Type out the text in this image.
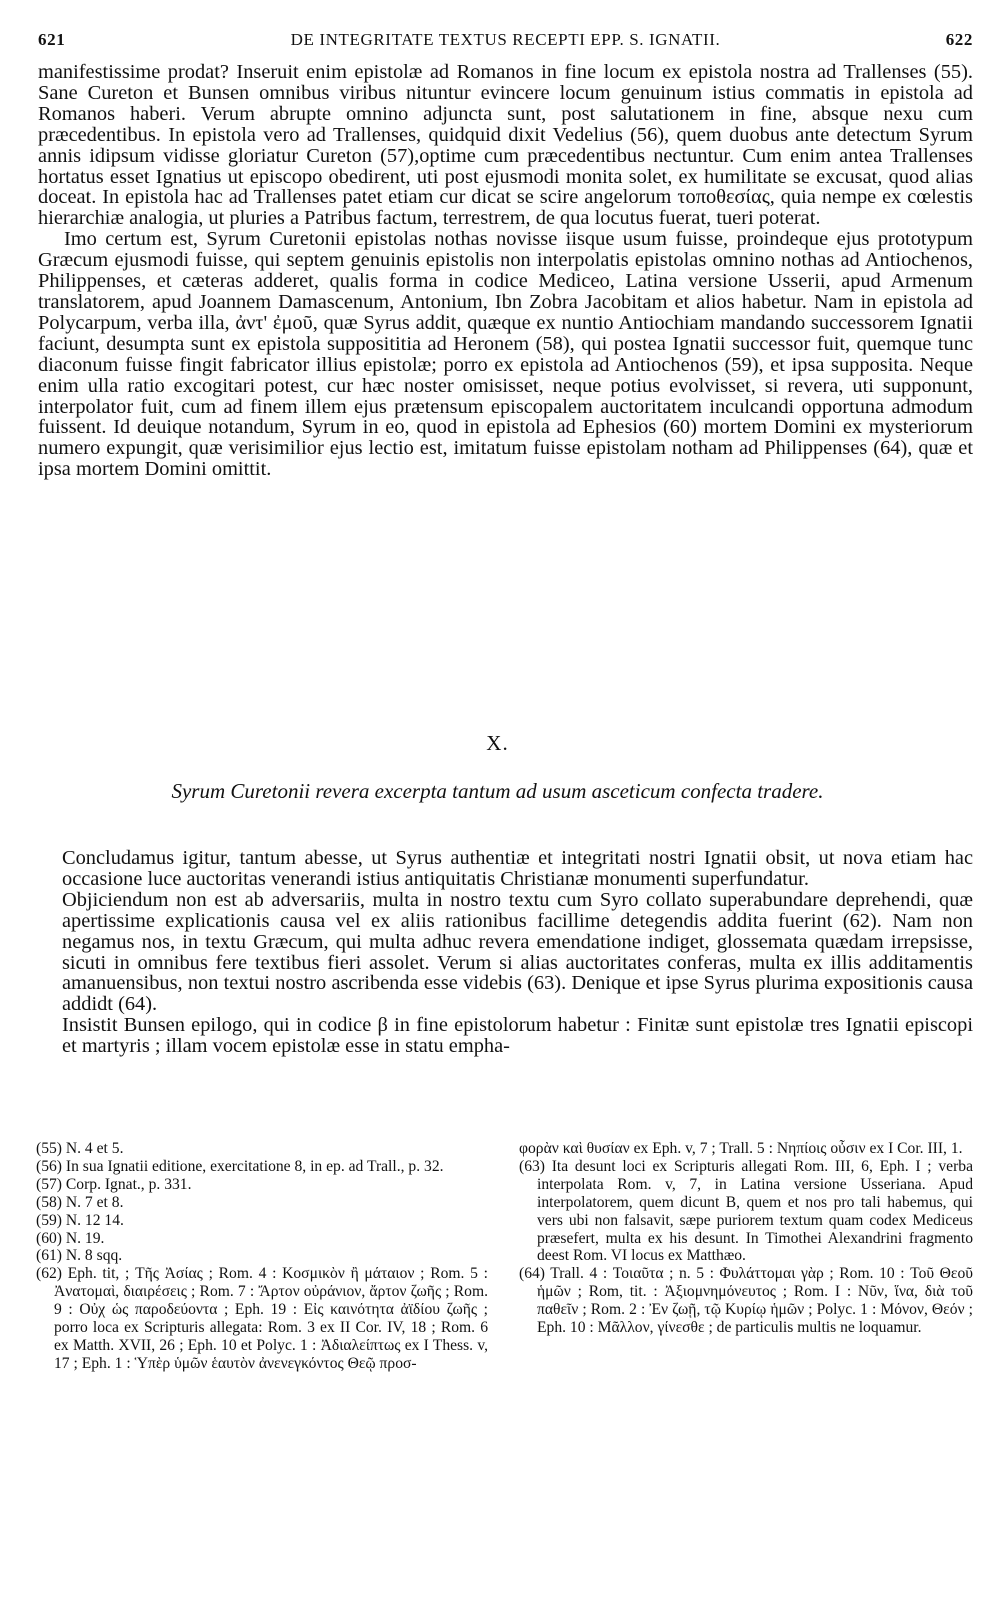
621	DE INTEGRITATE TEXTUS RECEPTI EPP. S. IGNATII.	622

manifestissime prodat? Inseruit enim epistolæ ad Romanos in fine locum ex epistola nostra ad Trallenses (55). Sane Cureton et Bunsen omnibus viribus nituntur evincere locum genuinum istius commatis in epistola ad Romanos haberi. Verum abrupte omnino adjuncta sunt, post salutationem in fine, absque nexu cum præcedentibus. In epistola vero ad Trallenses, quidquid dixit Vedelius (56), quem duobus ante detectum Syrum annis idipsum vidisse gloriatur Cureton (57),optime cum præcedentibus nectuntur. Cum enim antea Trallenses hortatus esset Ignatius ut episcopo obedirent, uti post ejusmodi monita solet, ex humilitate se excusat, quod alias doceat. In epistola hac ad Trallenses patet etiam cur dicat se scire angelorum τοποθεσίας, quia nempe ex cœlestis hierarchiæ analogia, ut pluries a Patribus factum, terrestrem, de qua locutus fuerat, tueri poterat.

Imo certum est, Syrum Curetonii epistolas nothas novisse iisque usum fuisse, proindeque ejus prototypum Græcum ejusmodi fuisse, qui septem genuinis epistolis non interpolatis epistolas omnino nothas ad Antiochenos, Philippenses, et cæteras adderet, qualis forma in codice Mediceo, Latina versione Usserii, apud Armenum translatorem, apud Joannem Damascenum, Antonium, Ibn Zobra Jacobitam et alios habetur. Nam in epistola ad Polycarpum, verba illa, ἀντ' ἐμοῦ, quæ Syrus addit, quæque ex nuntio Antiochiam mandando successorem Ignatii faciunt, desumpta sunt ex epistola supposititia ad Heronem (58), qui postea Ignatii successor fuit, quemque tunc diaconum fuisse fingit fabricator illius epistolæ; porro ex epistola ad Antiochenos (59), et ipsa supposita. Neque enim ulla ratio excogitari potest, cur hæc noster omisisset, neque potius evolvisset, si revera, uti supponunt, interpolator fuit, cum ad finem illem ejus prætensum episcopalem auctoritatem inculcandi opportuna admodum fuissent. Id deuique notandum, Syrum in eo, quod in epistola ad Ephesios (60) mortem Domini ex mysteriorum numero expungit, quæ verisimilior ejus lectio est, imitatum fuisse epistolam notham ad Philippenses (64), quæ et ipsa mortem Domini omittit.

X.
Syrum Curetonii revera excerpta tantum ad usum asceticum confecta tradere.

Concludamus igitur, tantum abesse, ut Syrus authentiæ et integritati nostri Ignatii obsit, ut nova etiam hac occasione luce auctoritas venerandi istius antiquitatis Christianæ monumenti superfundatur.

Objiciendum non est ab adversariis, multa in nostro textu cum Syro collato superabundare deprehendi, quæ apertissime explicationis causa vel ex aliis rationibus facillime detegendis addita fuerint (62). Nam non negamus nos, in textu Græcum, qui multa adhuc revera emendatione indiget, glossemata quædam irrepsisse, sicuti in omnibus fere textibus fieri assolet. Verum si alias auctoritates conferas, multa ex illis additamentis amanuensibus, non textui nostro ascribenda esse videbis (63). Denique et ipse Syrus plurima expositionis causa addidt (64).

Insistit Bunsen epilogo, qui in codice β in fine epistolorum habetur : Finitæ sunt epistolæ tres Ignatii episcopi et martyris ; illam vocem epistolæ esse in statu empha-

(55) N. 4 et 5.

(56) In sua Ignatii editione, exercitatione 8, in ep. ad Trall., p. 32.

(57) Corp. Ignat., p. 331.

(58) N. 7 et 8.

(59) N. 12 14.

(60) N. 19.

(61) N. 8 sqq.

(62) Eph. tit, ; Τῆς Ἀσίας ; Rom. 4 : Κοσμικὸν ἢ μάταιον ; Rom. 5 : Ἀνατομαὶ, διαιρέσεις ; Rom. 7 : Ἄρτον οὐράνιον, ἄρτον ζωῆς ; Rom. 9 : Οὐχ ὡς παροδεύοντα ; Eph. 19 : Εἰς καινότητα ἀϊδίου ζωῆς ; porro loca ex Scripturis allegata: Rom. 3 ex II Cor. IV, 18 ; Rom. 6 ex Matth. XVII, 26 ; Eph. 10 et Polyc. 1 : Ἀδιαλείπτως ex I Thess. v, 17 ; Eph. 1 : Ὑπὲρ ὑμῶν ἑαυτὸν ἀνενεγκόντος Θεῷ προσ-

φορὰν καὶ θυσίαν ex Eph. v, 7 ; Trall. 5 : Νηπίοις οὖσιν ex I Cor. III, 1.

(63) Ita desunt loci ex Scripturis allegati Rom. III, 6, Eph. I ; verba interpolata Rom. v, 7, in Latina versione Usseriana. Apud interpolatorem, quem dicunt B, quem et nos pro tali habemus, qui vers ubi non falsavit, sæpe puriorem textum quam codex Mediceus præsefert, multa ex his desunt. In Timothei Alexandrini fragmento deest Rom. VI locus ex Matthæo.

(64) Trall. 4 : Τοιαῦτα ; n. 5 : Φυλάττομαι γὰρ ; Rom. 10 : Τοῦ Θεοῦ ἡμῶν ; Rom, tit. : Ἀξιομνημόνευτος ; Rom. I : Νῦν, ἵνα, διὰ τοῦ παθεῖν ; Rom. 2 : Ἐν ζωῇ, τῷ Κυρίῳ ἡμῶν ; Polyc. 1 : Μόνον, Θεόν ; Eph. 10 : Μᾶλλον, γίνεσθε ; de particulis multis ne loquamur.
